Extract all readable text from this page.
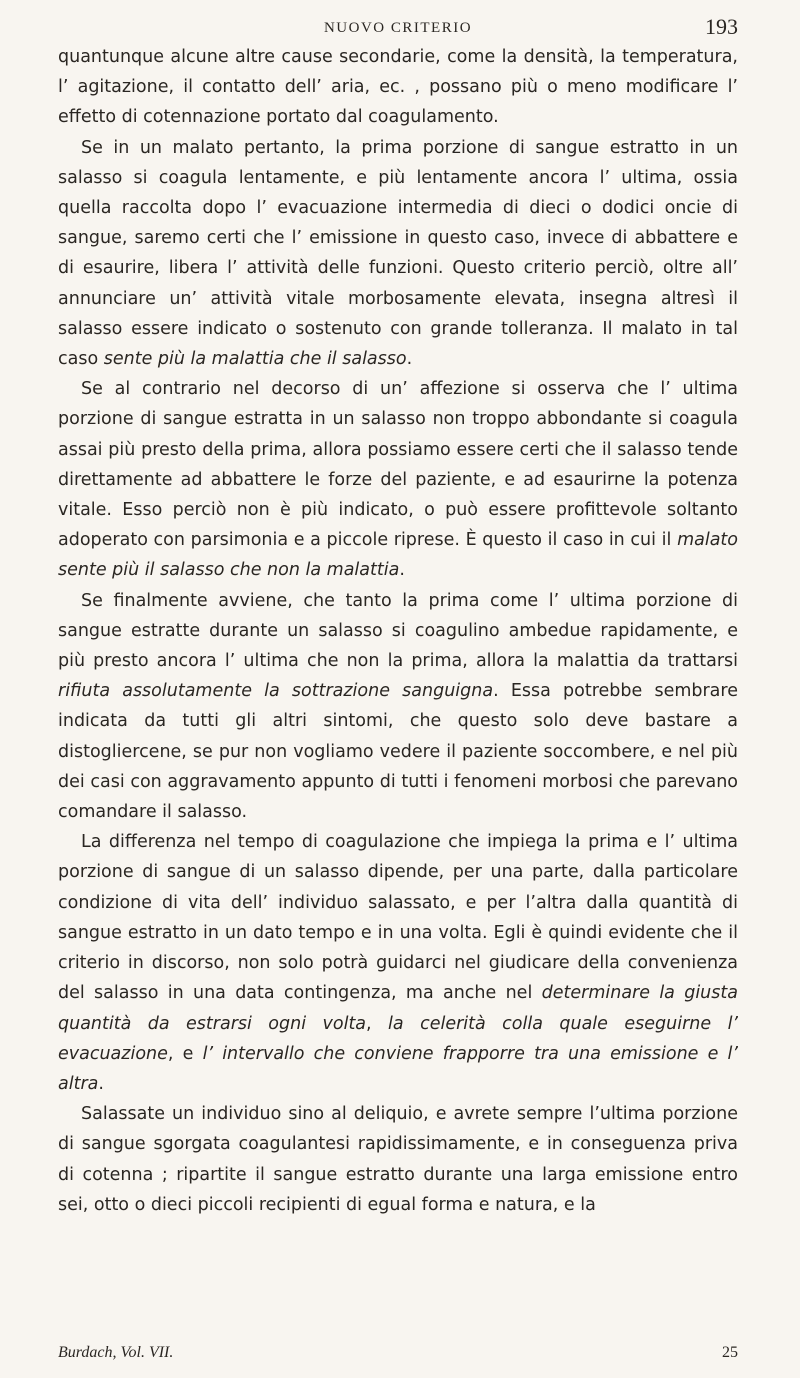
NUOVO CRITERIO	193

quantunque alcune altre cause secondarie, come la densità, la temperatura, l’ agitazione, il contatto dell’ aria, ec. , possano più o meno modificare l’ effetto di cotennazione portato dal coagulamento.

Se in un malato pertanto, la prima porzione di sangue estratto in un salasso si coagula lentamente, e più lentamente ancora l’ ultima, ossia quella raccolta dopo l’ evacuazione intermedia di dieci o dodici oncie di sangue, saremo certi che l’ emissione in questo caso, invece di abbattere e di esaurire, libera l’ attività delle funzioni. Questo criterio perciò, oltre all’ annunciare un’ attività vitale morbosamente elevata, insegna altresì il salasso essere indicato o sostenuto con grande tolleranza. Il malato in tal caso sente più la malattia che il salasso.

Se al contrario nel decorso di un’ affezione si osserva che l’ ultima porzione di sangue estratta in un salasso non troppo abbondante si coagula assai più presto della prima, allora possiamo essere certi che il salasso tende direttamente ad abbattere le forze del paziente, e ad esaurirne la potenza vitale. Esso perciò non è più indicato, o può essere profittevole soltanto adoperato con parsimonia e a piccole riprese. È questo il caso in cui il malato sente più il salasso che non la malattia.

Se finalmente avviene, che tanto la prima come l’ ultima porzione di sangue estratte durante un salasso si coagulino ambedue rapidamente, e più presto ancora l’ ultima che non la prima, allora la malattia da trattarsi rifiuta assolutamente la sottrazione sanguigna. Essa potrebbe sembrare indicata da tutti gli altri sintomi, che questo solo deve bastare a distogliercene, se pur non vogliamo vedere il paziente soccombere, e nel più dei casi con aggravamento appunto di tutti i fenomeni morbosi che parevano comandare il salasso.

La differenza nel tempo di coagulazione che impiega la prima e l’ ultima porzione di sangue di un salasso dipende, per una parte, dalla particolare condizione di vita dell’ individuo salassato, e per l’altra dalla quantità di sangue estratto in un dato tempo e in una volta. Egli è quindi evidente che il criterio in discorso, non solo potrà guidarci nel giudicare della convenienza del salasso in una data contingenza, ma anche nel determinare la giusta quantità da estrarsi ogni volta, la celerità colla quale eseguirne l’ evacuazione, e l’ intervallo che conviene frapporre tra una emissione e l’ altra.

Salassate un individuo sino al deliquio, e avrete sempre l’ultima porzione di sangue sgorgata coagulantesi rapidissimamente, e in conseguenza priva di cotenna ; ripartite il sangue estratto durante una larga emissione entro sei, otto o dieci piccoli recipienti di egual forma e natura, e la

Burdach, Vol. VII.	25
